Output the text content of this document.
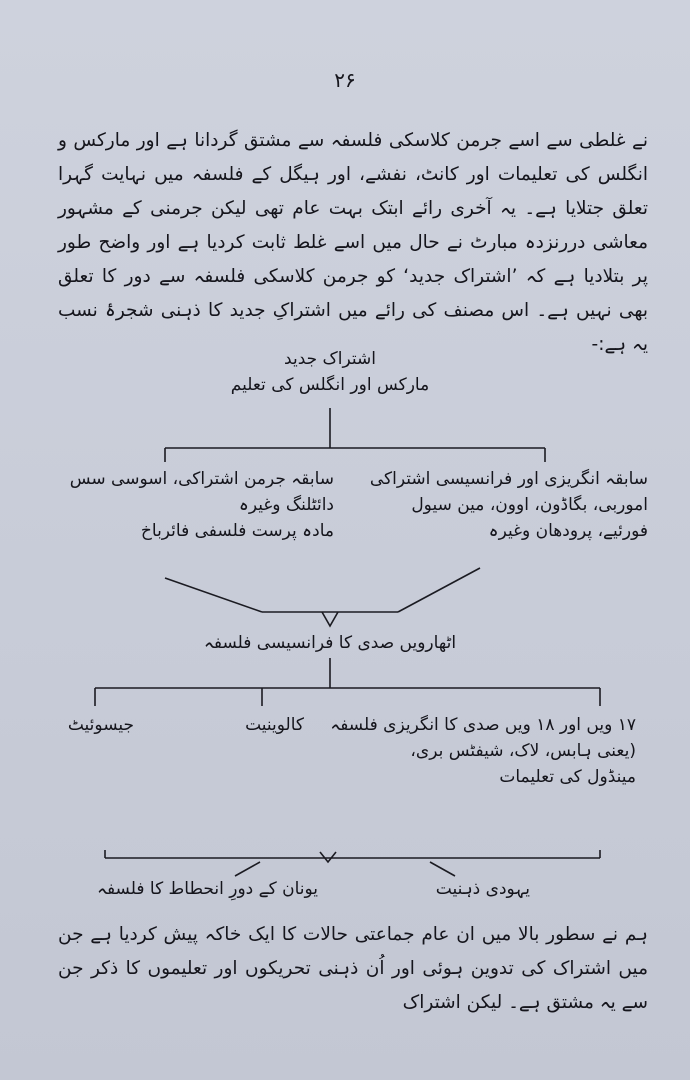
۲۶

نے غلطی سے اسے جرمن کلاسکی فلسفہ سے مشتق گردانا ہے اور مارکس و انگلس کی تعلیمات اور کانٹ، نفشے، اور ہیگل کے فلسفہ میں نہایت گہرا تعلق جتلایا ہے۔ یہ آخری رائے ابتک بہت عام تھی لیکن جرمنی کے مشہور معاشی دررنزدہ مبارٹ نے حال میں اسے غلط ثابت کردیا ہے اور واضح طور پر بتلادیا ہے کہ ’اشتراک جدید‘ کو جرمن کلاسکی فلسفہ سے دور کا تعلق بھی نہیں ہے۔ اس مصنف کی رائے میں اشتراکِ جدید کا ذہنی شجرۂ نسب یہ ہے:-

اشتراک جدید
مارکس اور انگلس کی تعلیم
سابقہ انگریزی اور فرانسیسی اشتراکی
اموربی، بگاڈون، اوون، مین سیول
فورئیے، پرودھان وغیرہ
سابقہ جرمن اشتراکی، اسوسی سس
دائٹلنگ وغیرہ
مادہ پرست فلسفی فائرباخ
اٹھارویں صدی کا فرانسیسی فلسفہ
۱۷ ویں اور ۱۸ ویں صدی کا انگریزی فلسفہ
(یعنی ہابس، لاک، شیفٹس بری،
مینڈول کی تعلیمات
کالوینیت
جیسوئیٹ
یہودی ذہنیت
یونان کے دورِ انحطاط کا فلسفہ

ہم نے سطور بالا میں ان عام جماعتی حالات کا ایک خاکہ پیش کردیا ہے جن میں اشتراک کی تدوین ہوئی اور اُن ذہنی تحریکوں اور تعلیموں کا ذکر جن سے یہ مشتق ہے۔ لیکن اشتراک
